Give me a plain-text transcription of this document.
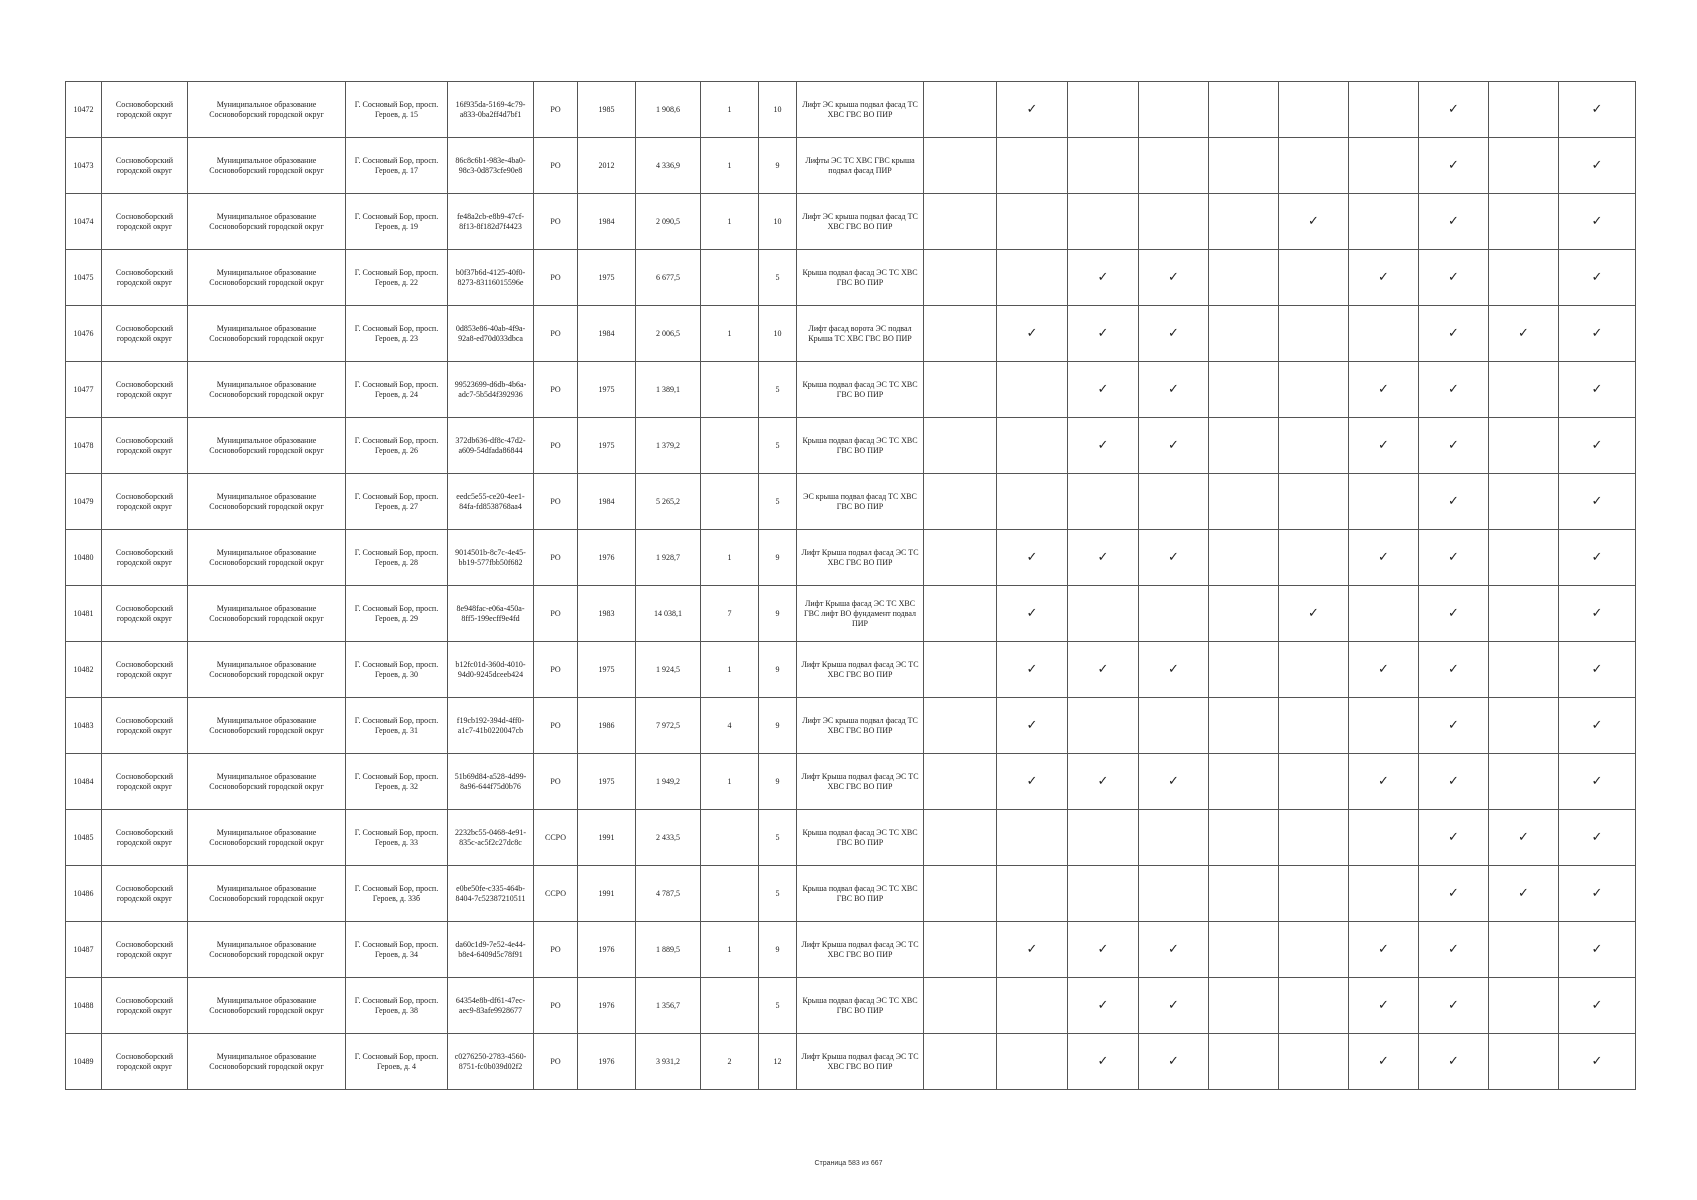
10472	Сосновоборский городской округ	Муниципальное образование Сосновоборский городской округ	Г. Сосновый Бор, просп. Героев, д. 15	16f935da-5169-4c79-a833-0ba2ff4d7bf1	РО	1985	1 908,6	1	10	Лифт ЭС крыша подвал фасад ТС ХВС ГВС ВО ПИР		✓						✓		✓
10473	Сосновоборский городской округ	Муниципальное образование Сосновоборский городской округ	Г. Сосновый Бор, просп. Героев, д. 17	86c8c6b1-983e-4ba0-98c3-0d873cfe90e8	РО	2012	4 336,9	1	9	Лифты ЭС ТС ХВС ГВС крыша подвал фасад ПИР								✓		✓
10474	Сосновоборский городской округ	Муниципальное образование Сосновоборский городской округ	Г. Сосновый Бор, просп. Героев, д. 19	fe48a2cb-e8b9-47cf-8f13-8f182d7f4423	РО	1984	2 090,5	1	10	Лифт ЭС крыша подвал фасад ТС ХВС ГВС ВО ПИР						✓		✓		✓
10475	Сосновоборский городской округ	Муниципальное образование Сосновоборский городской округ	Г. Сосновый Бор, просп. Героев, д. 22	b0f37b6d-4125-40f0-8273-83116015596e	РО	1975	6 677,5		5	Крыша подвал фасад ЭС ТС ХВС ГВС ВО ПИР			✓	✓			✓	✓		✓
10476	Сосновоборский городской округ	Муниципальное образование Сосновоборский городской округ	Г. Сосновый Бор, просп. Героев, д. 23	0d853e86-40ab-4f9a-92a8-ed70d033dbca	РО	1984	2 006,5	1	10	Лифт фасад ворота ЭС подвал Крыша ТС ХВС ГВС ВО ПИР		✓	✓	✓				✓	✓	✓
10477	Сосновоборский городской округ	Муниципальное образование Сосновоборский городской округ	Г. Сосновый Бор, просп. Героев, д. 24	99523699-d6db-4b6a-adc7-5b5d4f392936	РО	1975	1 389,1		5	Крыша подвал фасад ЭС ТС ХВС ГВС ВО ПИР			✓	✓			✓	✓		✓
10478	Сосновоборский городской округ	Муниципальное образование Сосновоборский городской округ	Г. Сосновый Бор, просп. Героев, д. 26	372db636-df8c-47d2-a609-54dfada86844	РО	1975	1 379,2		5	Крыша подвал фасад ЭС ТС ХВС ГВС ВО ПИР			✓	✓			✓	✓		✓
10479	Сосновоборский городской округ	Муниципальное образование Сосновоборский городской округ	Г. Сосновый Бор, просп. Героев, д. 27	eedc5e55-ce20-4ee1-84fa-fd8538768aa4	РО	1984	5 265,2		5	ЭС крыша подвал фасад ТС ХВС ГВС ВО ПИР								✓		✓
10480	Сосновоборский городской округ	Муниципальное образование Сосновоборский городской округ	Г. Сосновый Бор, просп. Героев, д. 28	9014501b-8c7c-4e45-bb19-577fbb50f682	РО	1976	1 928,7	1	9	Лифт Крыша подвал фасад ЭС ТС ХВС ГВС ВО ПИР		✓	✓	✓			✓	✓		✓
10481	Сосновоборский городской округ	Муниципальное образование Сосновоборский городской округ	Г. Сосновый Бор, просп. Героев, д. 29	8e948fac-e06a-450a-8ff5-199ecff9e4fd	РО	1983	14 038,1	7	9	Лифт Крыша фасад ЭС ТС ХВС ГВС лифт ВО фундамент подвал ПИР		✓				✓		✓		✓
10482	Сосновоборский городской округ	Муниципальное образование Сосновоборский городской округ	Г. Сосновый Бор, просп. Героев, д. 30	b12fc01d-360d-4010-94d0-9245dceeb424	РО	1975	1 924,5	1	9	Лифт Крыша подвал фасад ЭС ТС ХВС ГВС ВО ПИР		✓	✓	✓			✓	✓		✓
10483	Сосновоборский городской округ	Муниципальное образование Сосновоборский городской округ	Г. Сосновый Бор, просп. Героев, д. 31	f19cb192-394d-4ff0-a1c7-41b0220047cb	РО	1986	7 972,5	4	9	Лифт ЭС крыша подвал фасад ТС ХВС ГВС ВО ПИР		✓						✓		✓
10484	Сосновоборский городской округ	Муниципальное образование Сосновоборский городской округ	Г. Сосновый Бор, просп. Героев, д. 32	51b69d84-a528-4d99-8a96-644f75d0b76	РО	1975	1 949,2	1	9	Лифт Крыша подвал фасад ЭС ТС ХВС ГВС ВО ПИР		✓	✓	✓			✓	✓		✓
10485	Сосновоборский городской округ	Муниципальное образование Сосновоборский городской округ	Г. Сосновый Бор, просп. Героев, д. 33	2232bc55-0468-4e91-835c-ac5f2c27dc8c	ССРО	1991	2 433,5		5	Крыша подвал фасад ЭС ТС ХВС ГВС ВО ПИР								✓	✓	✓
10486	Сосновоборский городской округ	Муниципальное образование Сосновоборский городской округ	Г. Сосновый Бор, просп. Героев, д. 33б	e0be50fe-c335-464b-8404-7c52387210511	ССРО	1991	4 787,5		5	Крыша подвал фасад ЭС ТС ХВС ГВС ВО ПИР								✓	✓	✓
10487	Сосновоборский городской округ	Муниципальное образование Сосновоборский городской округ	Г. Сосновый Бор, просп. Героев, д. 34	da60c1d9-7e52-4e44-b8e4-6409d5c78f91	РО	1976	1 889,5	1	9	Лифт Крыша подвал фасад ЭС ТС ХВС ГВС ВО ПИР		✓	✓	✓			✓	✓		✓
10488	Сосновоборский городской округ	Муниципальное образование Сосновоборский городской округ	Г. Сосновый Бор, просп. Героев, д. 38	64354e8b-df61-47ec-aec9-83afe9928677	РО	1976	1 356,7		5	Крыша подвал фасад ЭС ТС ХВС ГВС ВО ПИР			✓	✓			✓	✓		✓
10489	Сосновоборский городской округ	Муниципальное образование Сосновоборский городской округ	Г. Сосновый Бор, просп. Героев, д. 4	c0276250-2783-4560-8751-fc0b039d02f2	РО	1976	3 931,2	2	12	Лифт Крыша подвал фасад ЭС ТС ХВС ГВС ВО ПИР			✓	✓			✓	✓		✓
Страница 583 из 667
